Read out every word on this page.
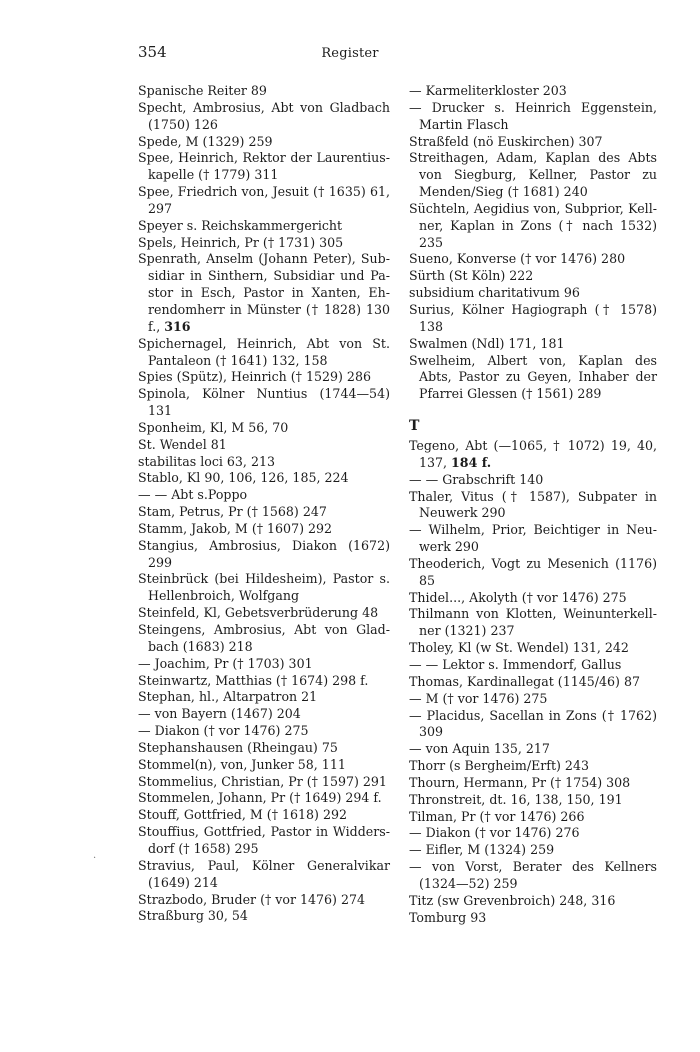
354	Register
Spanische Reiter 89
Specht, Ambrosius, Abt von Gladbach (1750) 126
Spede, M (1329) 259
Spee, Heinrich, Rektor der Laurentiuskapelle († 1779) 311
Spee, Friedrich von, Jesuit († 1635) 61, 297
Speyer s. Reichskammergericht
Spels, Heinrich, Pr († 1731) 305
Spenrath, Anselm (Johann Peter), Subsidiar in Sinthern, Subsidiar und Pastor in Esch, Pastor in Xanten, Ehrendomherr in Münster († 1828) 130 f., 316
Spichernagel, Heinrich, Abt von St. Pantaleon († 1641) 132, 158
Spies (Spütz), Heinrich († 1529) 286
Spinola, Kölner Nuntius (1744—54) 131
Sponheim, Kl, M 56, 70
St. Wendel 81
stabilitas loci 63, 213
Stablo, Kl 90, 106, 126, 185, 224
— — Abt s.Poppo
Stam, Petrus, Pr († 1568) 247
Stamm, Jakob, M († 1607) 292
Stangius, Ambrosius, Diakon (1672) 299
Steinbrück (bei Hildesheim), Pastor s. Hellenbroich, Wolfgang
Steinfeld, Kl, Gebetsverbrüderung 48
Steingens, Ambrosius, Abt von Gladbach (1683) 218
— Joachim, Pr († 1703) 301
Steinwartz, Matthias († 1674) 298 f.
Stephan, hl., Altarpatron 21
— von Bayern (1467) 204
— Diakon († vor 1476) 275
Stephanshausen (Rheingau) 75
Stommel(n), von, Junker 58, 111
Stommelius, Christian, Pr († 1597) 291
Stommelen, Johann, Pr († 1649) 294 f.
Stouff, Gottfried, M († 1618) 292
Stouffius, Gottfried, Pastor in Widdersdorf († 1658) 295
Stravius, Paul, Kölner Generalvikar (1649) 214
Strazbodo, Bruder († vor 1476) 274
Straßburg 30, 54
— Karmeliterkloster 203
— Drucker s. Heinrich Eggenstein, Martin Flasch
Straßfeld (nö Euskirchen) 307
Streithagen, Adam, Kaplan des Abts von Siegburg, Kellner, Pastor zu Menden/Sieg († 1681) 240
Süchteln, Aegidius von, Subprior, Kellner, Kaplan in Zons († nach 1532) 235
Sueno, Konverse († vor 1476) 280
Sürth (St Köln) 222
subsidium charitativum 96
Surius, Kölner Hagiograph († 1578) 138
Swalmen (Ndl) 171, 181
Swelheim, Albert von, Kaplan des Abts, Pastor zu Geyen, Inhaber der Pfarrei Glessen († 1561) 289
T
Tegeno, Abt (—1065, † 1072) 19, 40, 137, 184 f.
— — Grabschrift 140
Thaler, Vitus († 1587), Subpater in Neuwerk 290
— Wilhelm, Prior, Beichtiger in Neuwerk 290
Theoderich, Vogt zu Mesenich (1176) 85
Thidel..., Akolyth († vor 1476) 275
Thilmann von Klotten, Weinunterkellner (1321) 237
Tholey, Kl (w St. Wendel) 131, 242
— — Lektor s. Immendorf, Gallus
Thomas, Kardinallegat (1145/46) 87
— M († vor 1476) 275
— Placidus, Sacellan in Zons († 1762) 309
— von Aquin 135, 217
Thorr (s Bergheim/Erft) 243
Thourn, Hermann, Pr († 1754) 308
Thronstreit, dt. 16, 138, 150, 191
Tilman, Pr († vor 1476) 266
— Diakon († vor 1476) 276
— Eifler, M (1324) 259
— von Vorst, Berater des Kellners (1324—52) 259
Titz (sw Grevenbroich) 248, 316
Tomburg 93
.
